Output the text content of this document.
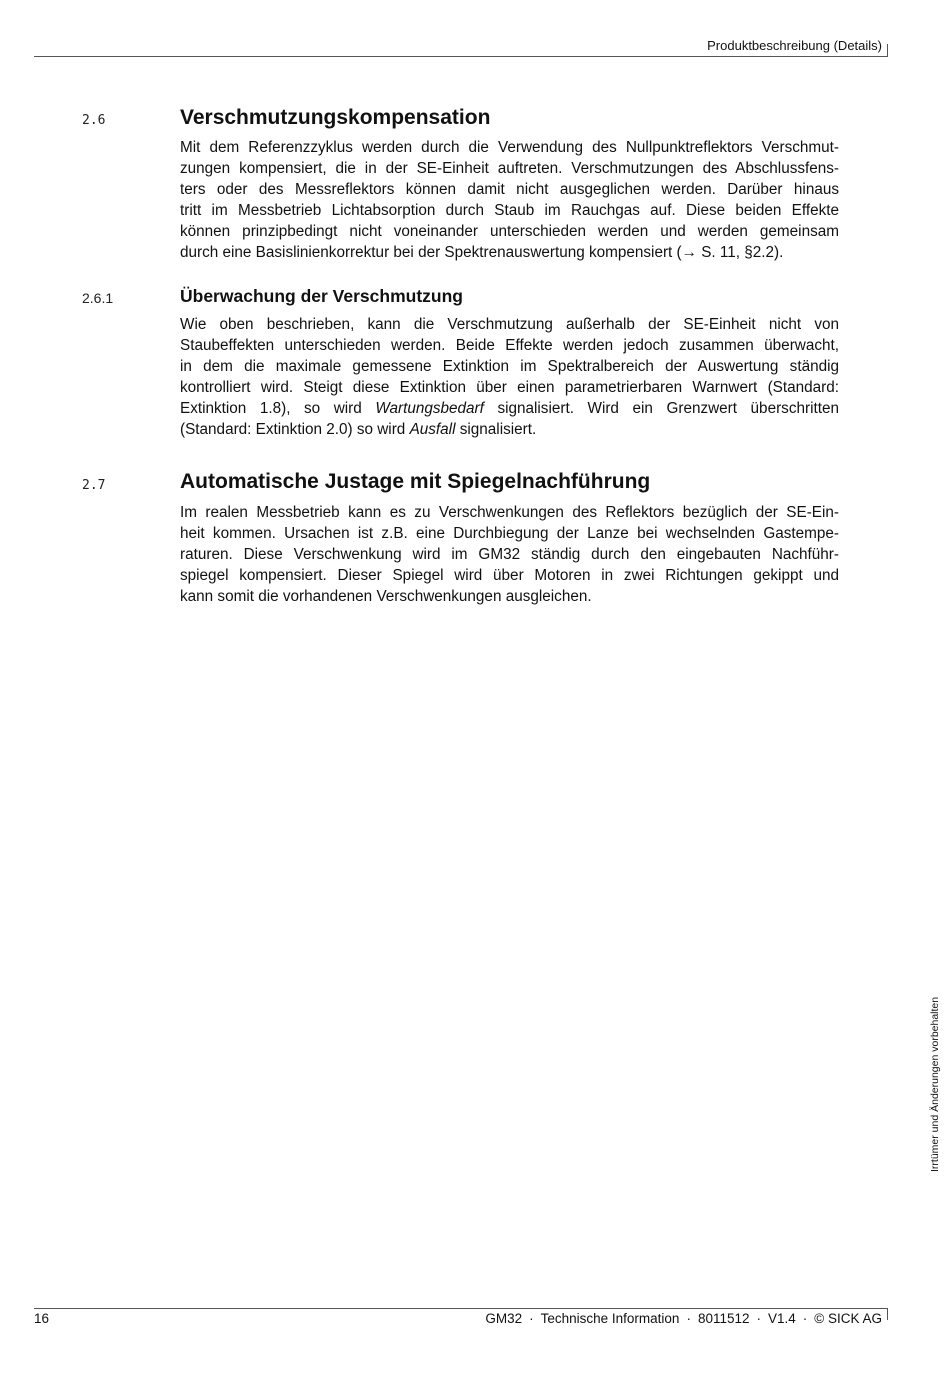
Produktbeschreibung (Details)
2.6	Verschmutzungskompensation
Mit dem Referenzzyklus werden durch die Verwendung des Nullpunktreflektors Verschmut-
zungen kompensiert, die in der SE-Einheit auftreten. Verschmutzungen des Abschlussfens-
ters oder des Messreflektors können damit nicht ausgeglichen werden. Darüber hinaus
tritt im Messbetrieb Lichtabsorption durch Staub im Rauchgas auf. Diese beiden Effekte
können prinzipbedingt nicht voneinander unterschieden werden und werden gemeinsam
durch eine Basislinienkorrektur bei der Spektrenauswertung kompensiert (→ S. 11, §2.2).
2.6.1	Überwachung der Verschmutzung
Wie oben beschrieben, kann die Verschmutzung außerhalb der SE-Einheit nicht von
Staubeffekten unterschieden werden. Beide Effekte werden jedoch zusammen überwacht,
in dem die maximale gemessene Extinktion im Spektralbereich der Auswertung ständig
kontrolliert wird. Steigt diese Extinktion über einen parametrierbaren Warnwert (Standard:
Extinktion 1.8), so wird Wartungsbedarf signalisiert. Wird ein Grenzwert überschritten
(Standard: Extinktion 2.0) so wird Ausfall signalisiert.
2.7	Automatische Justage mit Spiegelnachführung
Im realen Messbetrieb kann es zu Verschwenkungen des Reflektors bezüglich der SE-Ein-
heit kommen. Ursachen ist z.B. eine Durchbiegung der Lanze bei wechselnden Gastempe-
raturen. Diese Verschwenkung wird im GM32 ständig durch den eingebauten Nachführ-
spiegel kompensiert. Dieser Spiegel wird über Motoren in zwei Richtungen gekippt und
kann somit die vorhandenen Verschwenkungen ausgleichen.
Irrtümer und Änderungen vorbehalten
16	GM32 · Technische Information · 8011512 · V1.4 · © SICK AG
